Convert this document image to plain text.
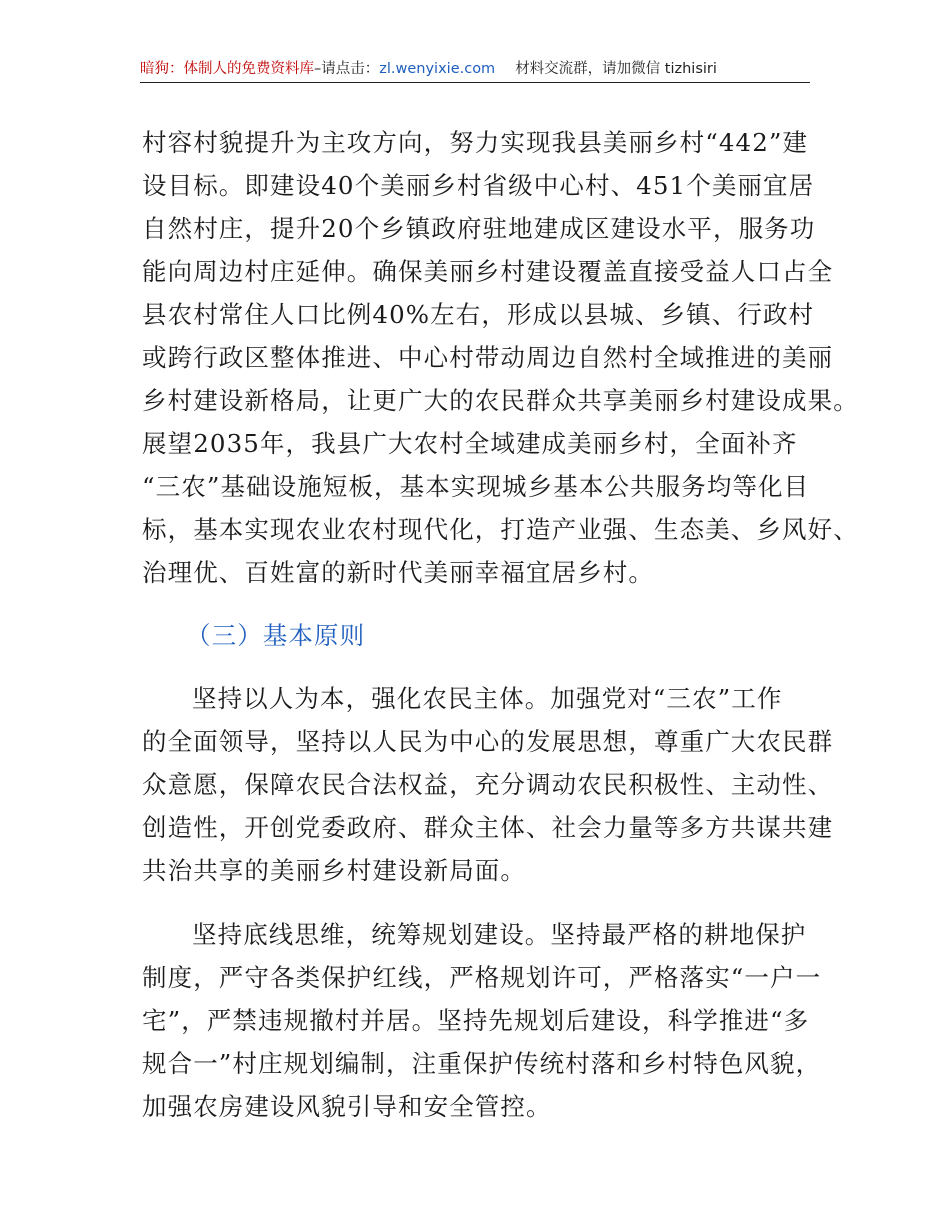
暗狗：体制人的免费资料库–请点击：zl.wenyixie.com 材料交流群，请加微信 tizhisiri
村容村貌提升为主攻方向，努力实现我县美丽乡村“442”建
设目标。即建设40个美丽乡村省级中心村、451个美丽宜居
自然村庄，提升20个乡镇政府驻地建成区建设水平，服务功
能向周边村庄延伸。确保美丽乡村建设覆盖直接受益人口占全
县农村常住人口比例40%左右，形成以县城、乡镇、行政村
或跨行政区整体推进、中心村带动周边自然村全域推进的美丽
乡村建设新格局，让更广大的农民群众共享美丽乡村建设成果。
展望2035年，我县广大农村全域建成美丽乡村，全面补齐
“三农”基础设施短板，基本实现城乡基本公共服务均等化目
标，基本实现农业农村现代化，打造产业强、生态美、乡风好、
治理优、百姓富的新时代美丽幸福宜居乡村。
（三）基本原则
坚持以人为本，强化农民主体。加强党对“三农”工作
的全面领导，坚持以人民为中心的发展思想，尊重广大农民群
众意愿，保障农民合法权益，充分调动农民积极性、主动性、
创造性，开创党委政府、群众主体、社会力量等多方共谋共建
共治共享的美丽乡村建设新局面。
坚持底线思维，统筹规划建设。坚持最严格的耕地保护
制度，严守各类保护红线，严格规划许可，严格落实“一户一
宅”，严禁违规撤村并居。坚持先规划后建设，科学推进“多
规合一”村庄规划编制，注重保护传统村落和乡村特色风貌，
加强农房建设风貌引导和安全管控。
